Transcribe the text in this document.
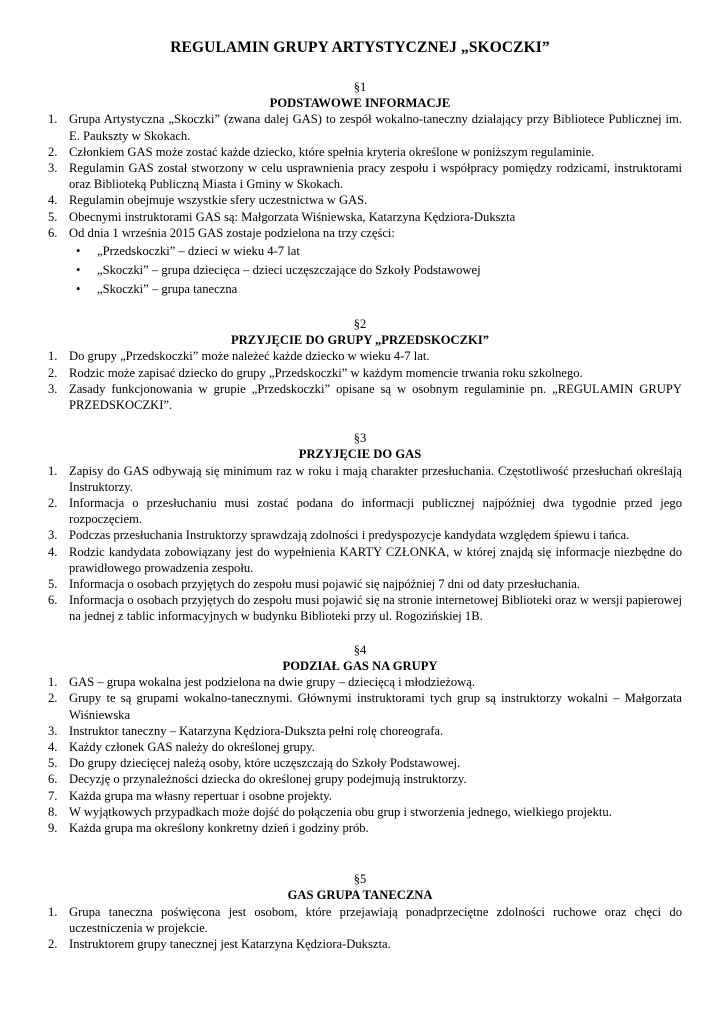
REGULAMIN GRUPY ARTYSTYCZNEJ „SKOCZKI”
§1
PODSTAWOWE INFORMACJE
1. Grupa Artystyczna „Skoczki” (zwana dalej GAS) to zespół wokalno-taneczny działający przy Bibliotece Publicznej im. E. Paukszty w Skokach.
2. Członkiem GAS może zostać każde dziecko, które spełnia kryteria określone w poniższym regulaminie.
3. Regulamin GAS został stworzony w celu usprawnienia pracy zespołu i współpracy pomiędzy rodzicami, instruktorami oraz Biblioteką Publiczną Miasta i Gminy w Skokach.
4. Regulamin obejmuje wszystkie sfery uczestnictwa w GAS.
5. Obecnymi instruktorami GAS są: Małgorzata Wiśniewska, Katarzyna Kędziora-Dukszta
6. Od dnia 1 września 2015 GAS zostaje podzielona na trzy części:
• „Przedskoczki” – dzieci w wieku 4-7 lat
• „Skoczki” – grupa dziecięca – dzieci uczęszczające do Szkoły Podstawowej
• „Skoczki” – grupa taneczna
§2
PRZYJĘCIE DO GRUPY „PRZEDSKOCZKI”
1. Do grupy „Przedskoczki” może należeć każde dziecko w wieku 4-7 lat.
2. Rodzic może zapisać dziecko do grupy „Przedskoczki” w każdym momencie trwania roku szkolnego.
3. Zasady funkcjonowania w grupie „Przedskoczki” opisane są w osobnym regulaminie pn. „REGULAMIN GRUPY PRZEDSKOCZKI”.
§3
PRZYJĘCIE DO GAS
1. Zapisy do GAS odbywają się minimum raz w roku i mają charakter przesłuchania. Częstotliwość przesłuchań określają Instruktorzy.
2. Informacja o przesłuchaniu musi zostać podana do informacji publicznej najpóźniej dwa tygodnie przed jego rozpoczęciem.
3. Podczas przesłuchania Instruktorzy sprawdzają zdolności i predyspozycje kandydata względem śpiewu i tańca.
4. Rodzic kandydata zobowiązany jest do wypełnienia KARTY CZŁONKA, w której znajdą się informacje niezbędne do prawidłowego prowadzenia zespołu.
5. Informacja o osobach przyjętych do zespołu musi pojawić się najpóźniej 7 dni od daty przesłuchania.
6. Informacja o osobach przyjętych do zespołu musi pojawić się na stronie internetowej Biblioteki oraz w wersji papierowej na jednej z tablic informacyjnych w budynku Biblioteki przy ul. Rogozińskiej 1B.
§4
PODZIAŁ GAS NA GRUPY
1. GAS – grupa wokalna jest podzielona na dwie grupy – dziecięcą i młodzieżową.
2. Grupy te są grupami wokalno-tanecznymi. Głównymi instruktorami tych grup są instruktorzy wokalni – Małgorzata Wiśniewska
3. Instruktor taneczny – Katarzyna Kędziora-Dukszta pełni rolę choreografa.
4. Każdy członek GAS należy do określonej grupy.
5. Do grupy dziecięcej należą osoby, które uczęszczają do Szkoły Podstawowej.
6. Decyzję o przynależności dziecka do określonej grupy podejmują instruktorzy.
7. Każda grupa ma własny repertuar i osobne projekty.
8. W wyjątkowych przypadkach może dojść do połączenia obu grup i stworzenia jednego, wielkiego projektu.
9. Każda grupa ma określony konkretny dzień i godziny prób.
§5
GAS GRUPA TANECZNA
1. Grupa taneczna poświęcona jest osobom, które przejawiają ponadprzeciętne zdolności ruchowe oraz chęci do uczestniczenia w projekcie.
2. Instruktorem grupy tanecznej jest Katarzyna Kędziora-Dukszta.
